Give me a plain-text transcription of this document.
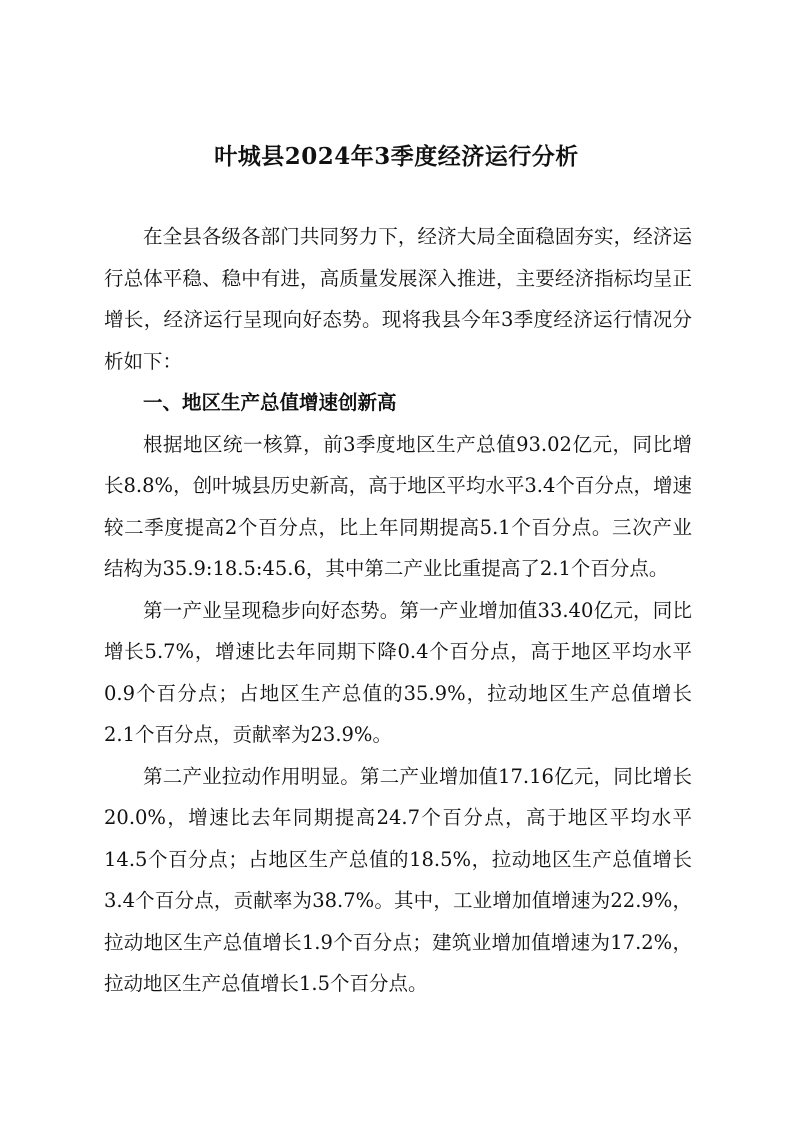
叶城县2024年3季度经济运行分析

在全县各级各部门共同努力下，经济大局全面稳固夯实，经济运行总体平稳、稳中有进，高质量发展深入推进，主要经济指标均呈正增长，经济运行呈现向好态势。现将我县今年3季度经济运行情况分析如下：

一、地区生产总值增速创新高

根据地区统一核算，前3季度地区生产总值93.02亿元，同比增长8.8%，创叶城县历史新高，高于地区平均水平3.4个百分点，增速较二季度提高2个百分点，比上年同期提高5.1个百分点。三次产业结构为35.9:18.5:45.6，其中第二产业比重提高了2.1个百分点。

第一产业呈现稳步向好态势。第一产业增加值33.40亿元，同比增长5.7%，增速比去年同期下降0.4个百分点，高于地区平均水平0.9个百分点；占地区生产总值的35.9%，拉动地区生产总值增长2.1个百分点，贡献率为23.9%。

第二产业拉动作用明显。第二产业增加值17.16亿元，同比增长20.0%，增速比去年同期提高24.7个百分点，高于地区平均水平14.5个百分点；占地区生产总值的18.5%，拉动地区生产总值增长3.4个百分点，贡献率为38.7%。其中，工业增加值增速为22.9%，拉动地区生产总值增长1.9个百分点；建筑业增加值增速为17.2%，拉动地区生产总值增长1.5个百分点。
